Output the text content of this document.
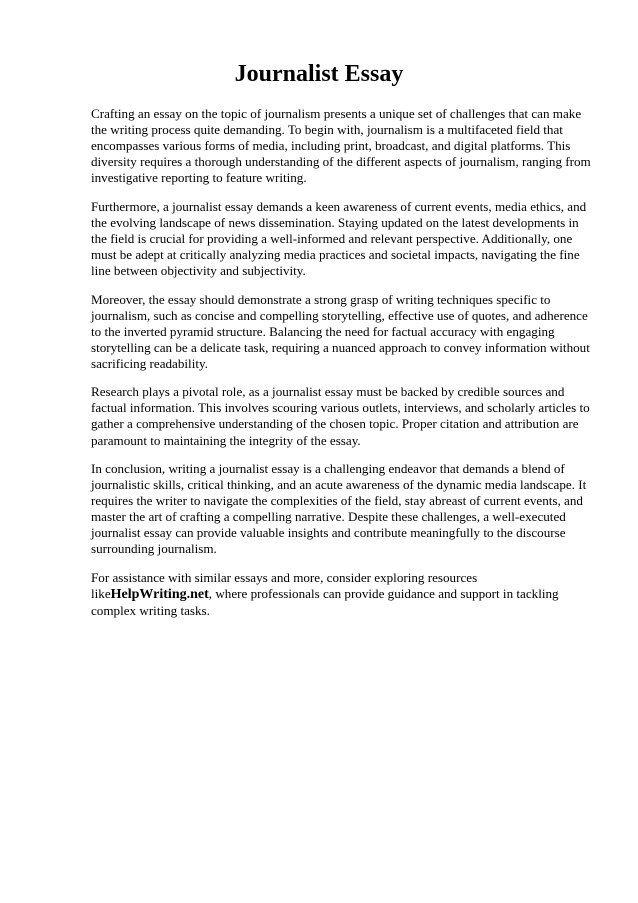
Journalist Essay

Crafting an essay on the topic of journalism presents a unique set of challenges that can make the writing process quite demanding. To begin with, journalism is a multifaceted field that encompasses various forms of media, including print, broadcast, and digital platforms. This diversity requires a thorough understanding of the different aspects of journalism, ranging from investigative reporting to feature writing.

Furthermore, a journalist essay demands a keen awareness of current events, media ethics, and the evolving landscape of news dissemination. Staying updated on the latest developments in the field is crucial for providing a well-informed and relevant perspective. Additionally, one must be adept at critically analyzing media practices and societal impacts, navigating the fine line between objectivity and subjectivity.

Moreover, the essay should demonstrate a strong grasp of writing techniques specific to journalism, such as concise and compelling storytelling, effective use of quotes, and adherence to the inverted pyramid structure. Balancing the need for factual accuracy with engaging storytelling can be a delicate task, requiring a nuanced approach to convey information without sacrificing readability.

Research plays a pivotal role, as a journalist essay must be backed by credible sources and factual information. This involves scouring various outlets, interviews, and scholarly articles to gather a comprehensive understanding of the chosen topic. Proper citation and attribution are paramount to maintaining the integrity of the essay.

In conclusion, writing a journalist essay is a challenging endeavor that demands a blend of journalistic skills, critical thinking, and an acute awareness of the dynamic media landscape. It requires the writer to navigate the complexities of the field, stay abreast of current events, and master the art of crafting a compelling narrative. Despite these challenges, a well-executed journalist essay can provide valuable insights and contribute meaningfully to the discourse surrounding journalism.

For assistance with similar essays and more, consider exploring resources likeHelpWriting.net, where professionals can provide guidance and support in tackling complex writing tasks.
